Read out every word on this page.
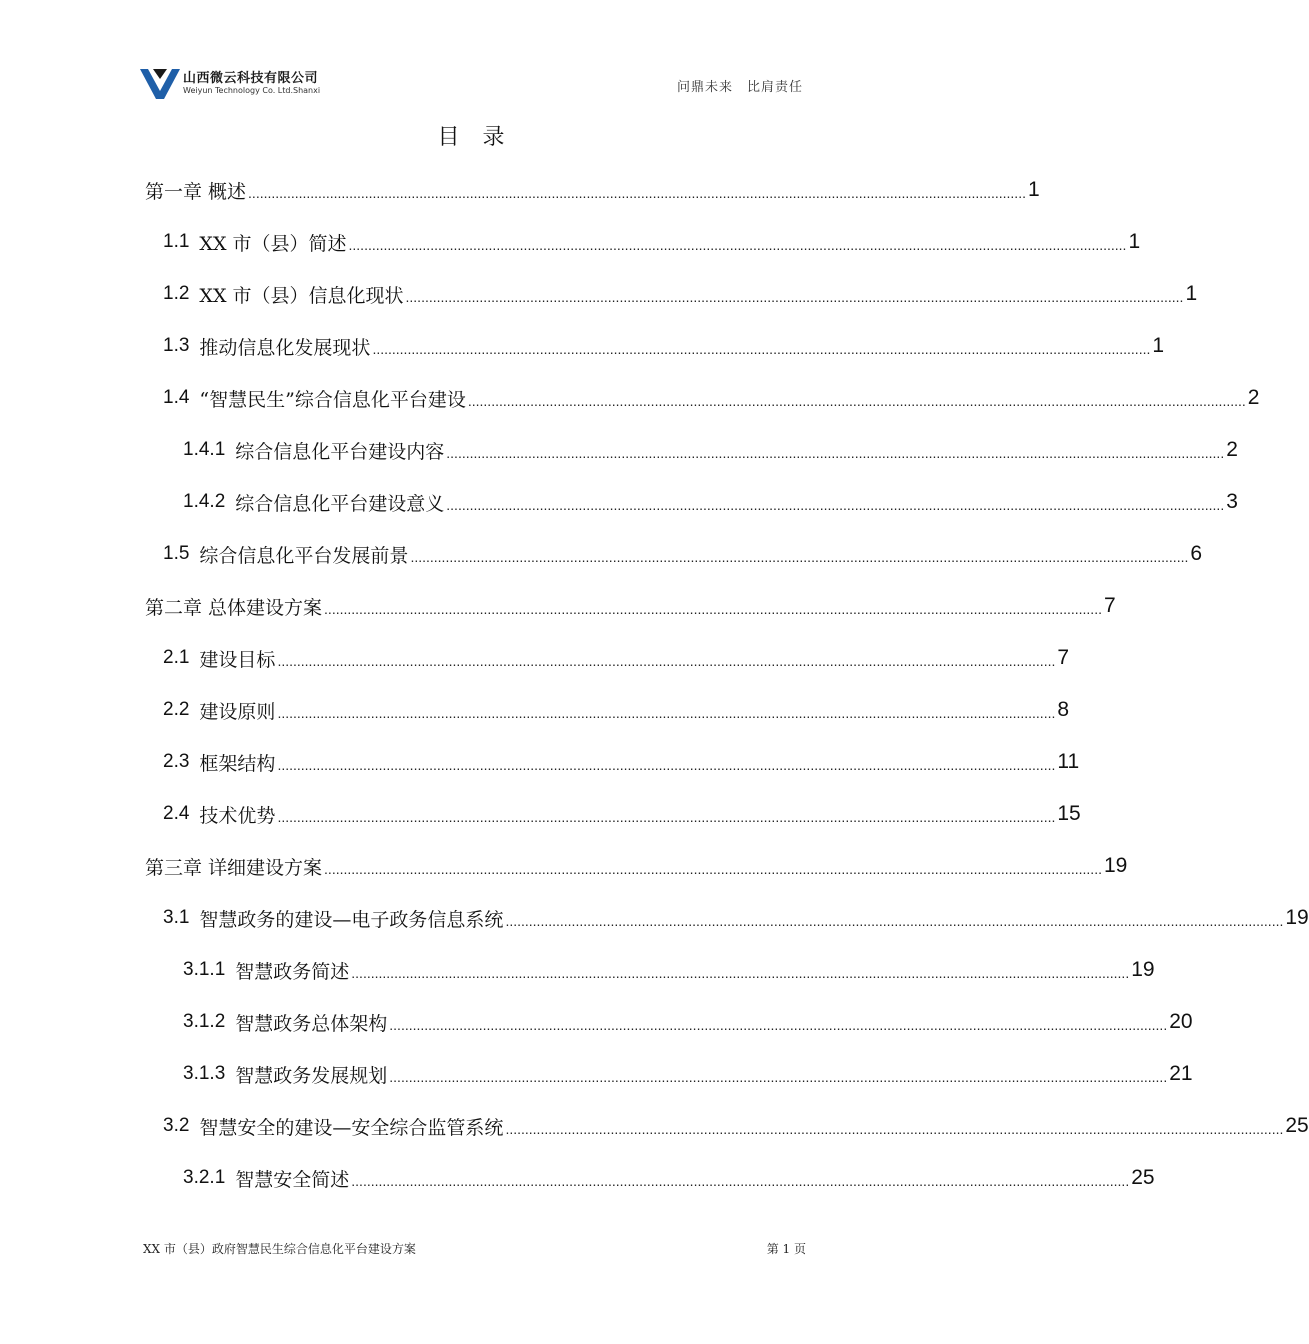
山西微云科技有限公司
Weiyun Technology Co. Ltd.Shanxi	问鼎未来　比肩责任
目 录
第一章 概述 ........................................................................................................................................................................................................ 1
1.1 XX 市（县）简述 ........................................................................................................................................................................................................ 1
1.2 XX 市（县）信息化现状 ........................................................................................................................................................................................................ 1
1.3 推动信息化发展现状 ........................................................................................................................................................................................................ 1
1.4 “智慧民生”综合信息化平台建设 ........................................................................................................................................................................................................ 2
1.4.1 综合信息化平台建设内容 ........................................................................................................................................................................................................ 2
1.4.2 综合信息化平台建设意义 ........................................................................................................................................................................................................ 3
1.5 综合信息化平台发展前景 ........................................................................................................................................................................................................ 6
第二章 总体建设方案 ........................................................................................................................................................................................................ 7
2.1 建设目标 ........................................................................................................................................................................................................ 7
2.2 建设原则 ........................................................................................................................................................................................................ 8
2.3 框架结构 ........................................................................................................................................................................................................ 11
2.4 技术优势 ........................................................................................................................................................................................................ 15
第三章 详细建设方案 ........................................................................................................................................................................................................ 19
3.1 智慧政务的建设—电子政务信息系统 ........................................................................................................................................................................................................ 19
3.1.1 智慧政务简述 ........................................................................................................................................................................................................ 19
3.1.2 智慧政务总体架构 ........................................................................................................................................................................................................ 20
3.1.3 智慧政务发展规划 ........................................................................................................................................................................................................ 21
3.2 智慧安全的建设—安全综合监管系统 ........................................................................................................................................................................................................ 25
3.2.1 智慧安全简述 ........................................................................................................................................................................................................ 25
XX 市（县）政府智慧民生综合信息化平台建设方案	第 1 页
